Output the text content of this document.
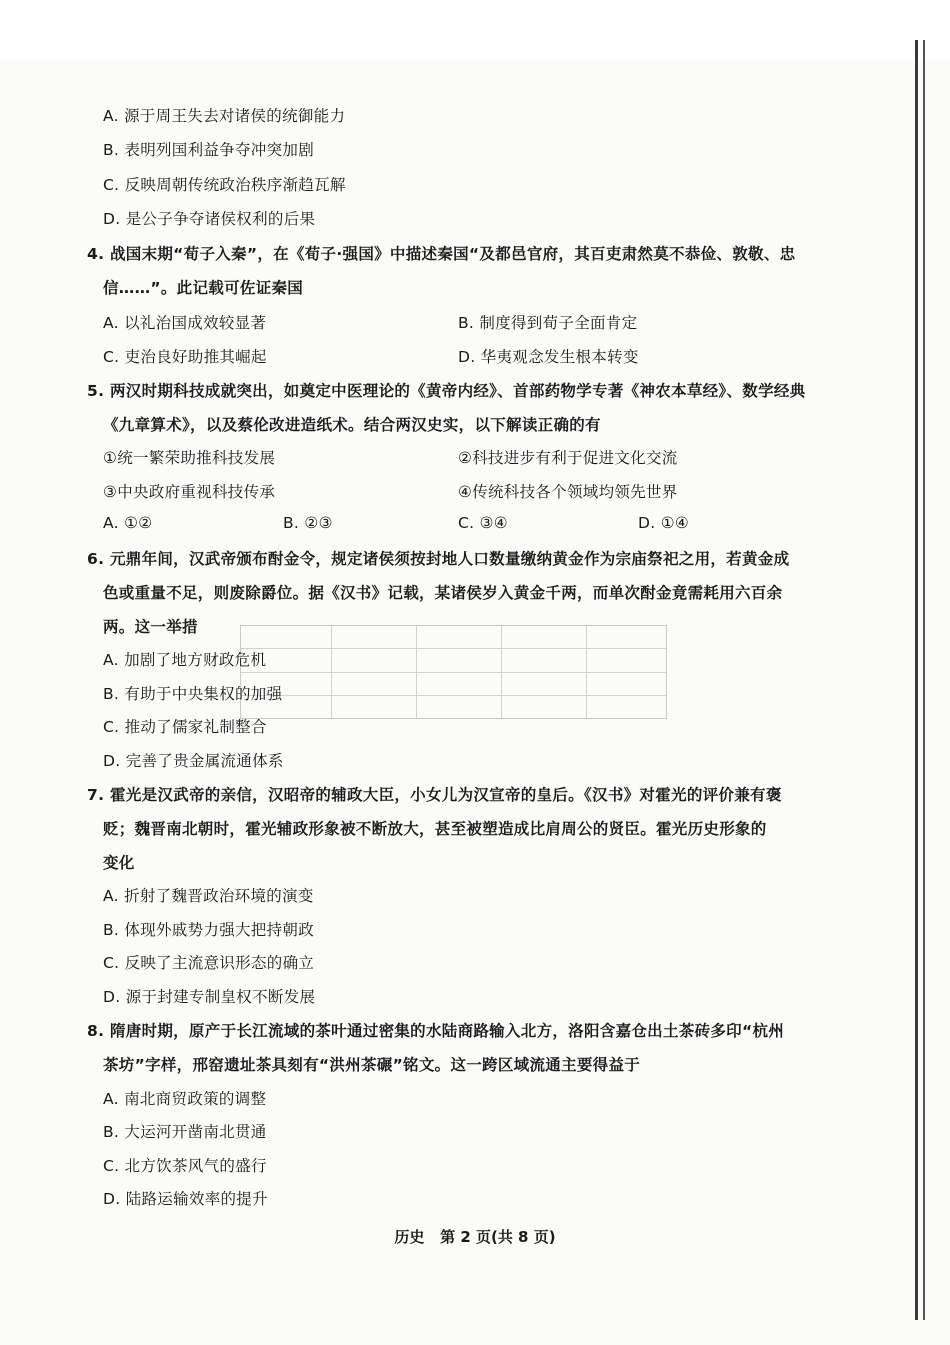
A. 源于周王失去对诸侯的统御能力
B. 表明列国利益争夺冲突加剧
C. 反映周朝传统政治秩序渐趋瓦解
D. 是公子争夺诸侯权利的后果
4. 战国末期“荀子入秦”，在《荀子·强国》中描述秦国“及都邑官府，其百吏肃然莫不恭俭、敦敬、忠
信……”。此记载可佐证秦国
A. 以礼治国成效较显著	B. 制度得到荀子全面肯定
C. 吏治良好助推其崛起	D. 华夷观念发生根本转变
5. 两汉时期科技成就突出，如奠定中医理论的《黄帝内经》、首部药物学专著《神农本草经》、数学经典
《九章算术》，以及蔡伦改进造纸术。结合两汉史实，以下解读正确的有
①统一繁荣助推科技发展	②科技进步有利于促进文化交流
③中央政府重视科技传承	④传统科技各个领域均领先世界
A. ①②	B. ②③	C. ③④	D. ①④
6. 元鼎年间，汉武帝颁布酎金令，规定诸侯须按封地人口数量缴纳黄金作为宗庙祭祀之用，若黄金成
色或重量不足，则废除爵位。据《汉书》记载，某诸侯岁入黄金千两，而单次酎金竟需耗用六百余
两。这一举措
A. 加剧了地方财政危机
B. 有助于中央集权的加强
C. 推动了儒家礼制整合
D. 完善了贵金属流通体系
7. 霍光是汉武帝的亲信，汉昭帝的辅政大臣，小女儿为汉宣帝的皇后。《汉书》对霍光的评价兼有褒
贬；魏晋南北朝时，霍光辅政形象被不断放大，甚至被塑造成比肩周公的贤臣。霍光历史形象的
变化
A. 折射了魏晋政治环境的演变
B. 体现外戚势力强大把持朝政
C. 反映了主流意识形态的确立
D. 源于封建专制皇权不断发展
8. 隋唐时期，原产于长江流域的茶叶通过密集的水陆商路输入北方，洛阳含嘉仓出土茶砖多印“杭州
茶坊”字样，邢窑遗址茶具刻有“洪州茶碾”铭文。这一跨区域流通主要得益于
A. 南北商贸政策的调整
B. 大运河开凿南北贯通
C. 北方饮茶风气的盛行
D. 陆路运输效率的提升
历史 第 2 页(共 8 页)
